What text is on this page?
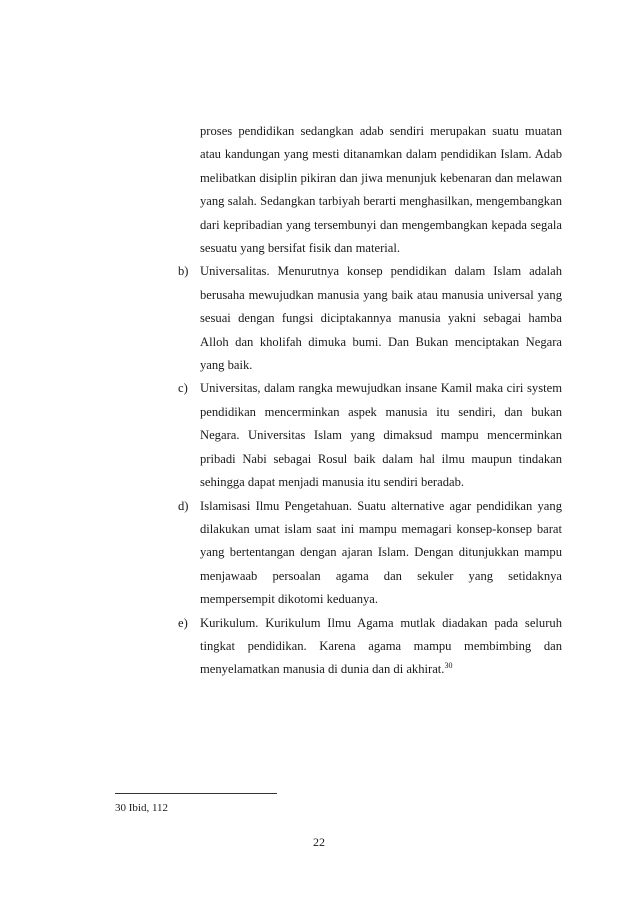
proses pendidikan sedangkan adab sendiri merupakan suatu muatan atau kandungan yang mesti ditanamkan dalam pendidikan Islam. Adab melibatkan disiplin pikiran dan jiwa menunjuk kebenaran dan melawan yang salah. Sedangkan tarbiyah berarti menghasilkan, mengembangkan dari kepribadian yang tersembunyi dan mengembangkan kepada segala sesuatu yang bersifat fisik dan material.
b) Universalitas. Menurutnya konsep pendidikan dalam Islam adalah berusaha mewujudkan manusia yang baik atau manusia universal yang sesuai dengan fungsi diciptakannya manusia yakni sebagai hamba Alloh dan kholifah dimuka bumi. Dan Bukan menciptakan Negara yang baik.
c) Universitas, dalam rangka mewujudkan insane Kamil maka ciri system pendidikan mencerminkan aspek manusia itu sendiri, dan bukan Negara. Universitas Islam yang dimaksud mampu mencerminkan pribadi Nabi sebagai Rosul baik dalam hal ilmu maupun tindakan sehingga dapat menjadi manusia itu sendiri beradab.
d) Islamisasi Ilmu Pengetahuan. Suatu alternative agar pendidikan yang dilakukan umat islam saat ini mampu memagari konsep-konsep barat yang bertentangan dengan ajaran Islam. Dengan ditunjukkan mampu menjawaab persoalan agama dan sekuler yang setidaknya mempersempit dikotomi keduanya.
e) Kurikulum. Kurikulum Ilmu Agama mutlak diadakan pada seluruh tingkat pendidikan. Karena agama mampu membimbing dan menyelamatkan manusia di dunia dan di akhirat.$^{30}$
30 Ibid, 112
22
